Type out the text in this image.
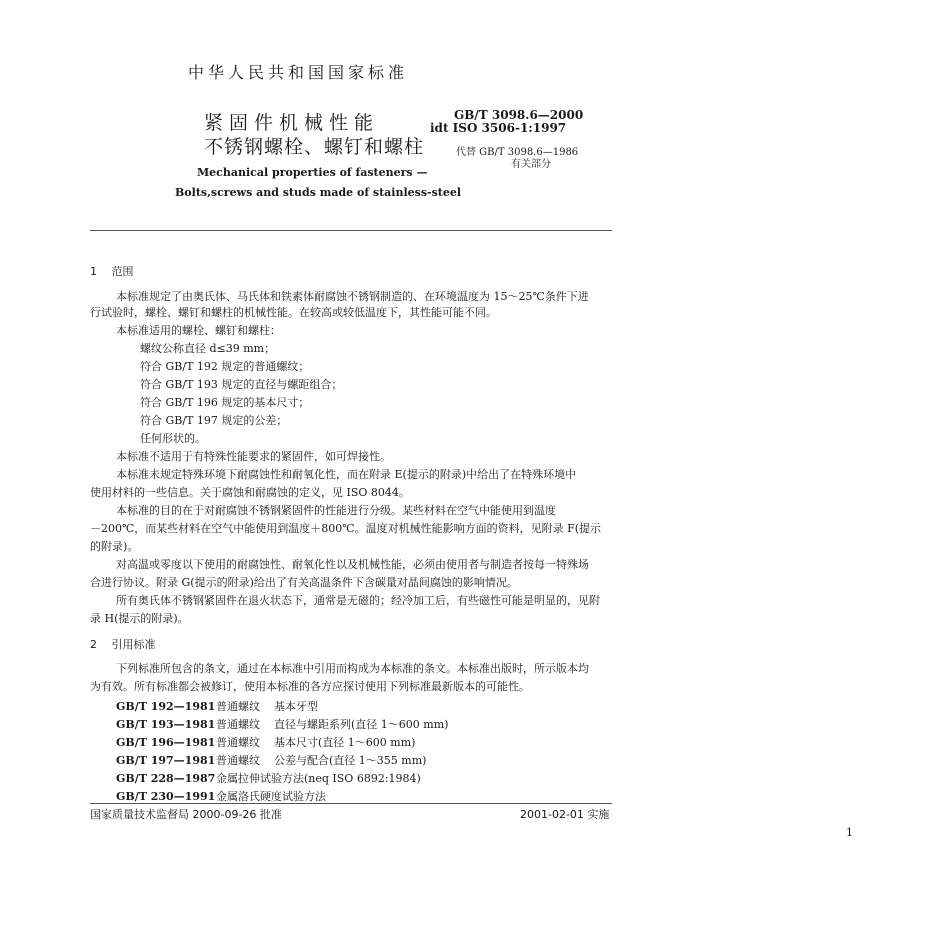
中华人民共和国国家标准
紧固件机械性能
不锈钢螺栓、螺钉和螺柱
GB/T 3098.6—2000
idt ISO 3506-1:1997
代替 GB/T 3098.6—1986
有关部分
Mechanical properties of fasteners —
Bolts,screws and studs made of stainless-steel
1 范围
本标准规定了由奥氏体、马氏体和铁素体耐腐蚀不锈钢制造的、在环境温度为 15～25℃条件下进
行试验时，螺栓、螺钉和螺柱的机械性能。在较高或较低温度下，其性能可能不同。
本标准适用的螺栓、螺钉和螺柱：
螺纹公称直径 d≤39 mm；
符合 GB/T 192 规定的普通螺纹；
符合 GB/T 193 规定的直径与螺距组合；
符合 GB/T 196 规定的基本尺寸；
符合 GB/T 197 规定的公差；
任何形状的。
本标准不适用于有特殊性能要求的紧固件，如可焊接性。
本标准未规定特殊环境下耐腐蚀性和耐氧化性，而在附录 E(提示的附录)中给出了在特殊环境中
使用材料的一些信息。关于腐蚀和耐腐蚀的定义，见 ISO 8044。
本标准的目的在于对耐腐蚀不锈钢紧固件的性能进行分级。某些材料在空气中能使用到温度
－200℃，而某些材料在空气中能使用到温度＋800℃。温度对机械性能影响方面的资料，见附录 F(提示
的附录)。
对高温或零度以下使用的耐腐蚀性、耐氧化性以及机械性能，必须由使用者与制造者按每一特殊场
合进行协议。附录 G(提示的附录)给出了有关高温条件下含碳量对晶间腐蚀的影响情况。
所有奥氏体不锈钢紧固件在退火状态下，通常是无磁的；经冷加工后，有些磁性可能是明显的，见附
录 H(提示的附录)。
2 引用标准
下列标准所包含的条文，通过在本标准中引用而构成为本标准的条文。本标准出版时，所示版本均
为有效。所有标准都会被修订，使用本标准的各方应探讨使用下列标准最新版本的可能性。
GB/T 192—1981普通螺纹 基本牙型
GB/T 193—1981普通螺纹 直径与螺距系列(直径 1～600 mm)
GB/T 196—1981普通螺纹 基本尺寸(直径 1～600 mm)
GB/T 197—1981普通螺纹 公差与配合(直径 1～355 mm)
GB/T 228—1987金属拉伸试验方法(neq ISO 6892:1984)
GB/T 230—1991金属洛氏硬度试验方法
国家质量技术监督局 2000-09-26 批准	2001-02-01 实施
1
